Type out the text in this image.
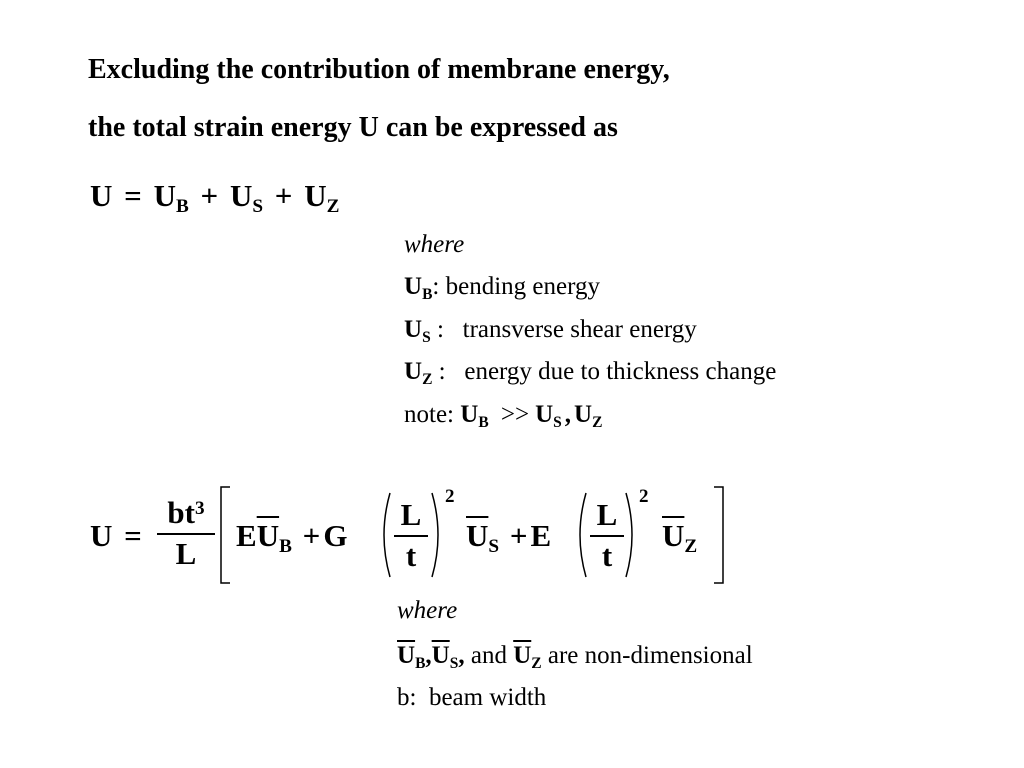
Excluding the contribution of membrane energy,
the total strain energy U can be expressed as
U = UB + US + UZ
where
UB: bending energy
US :   transverse shear energy
UZ :   energy due to thickness change
note: UB >> US , UZ
U =
$bt^3$
L
$E\overline{U}B +G$
L
t
2
$\overline{U}S +E$
L
t
2
$\overline{U}Z$
where
$\overline{U}B,\overline{U}S$, and $\overline{U}Z$ are non-dimensional
b:  beam width
